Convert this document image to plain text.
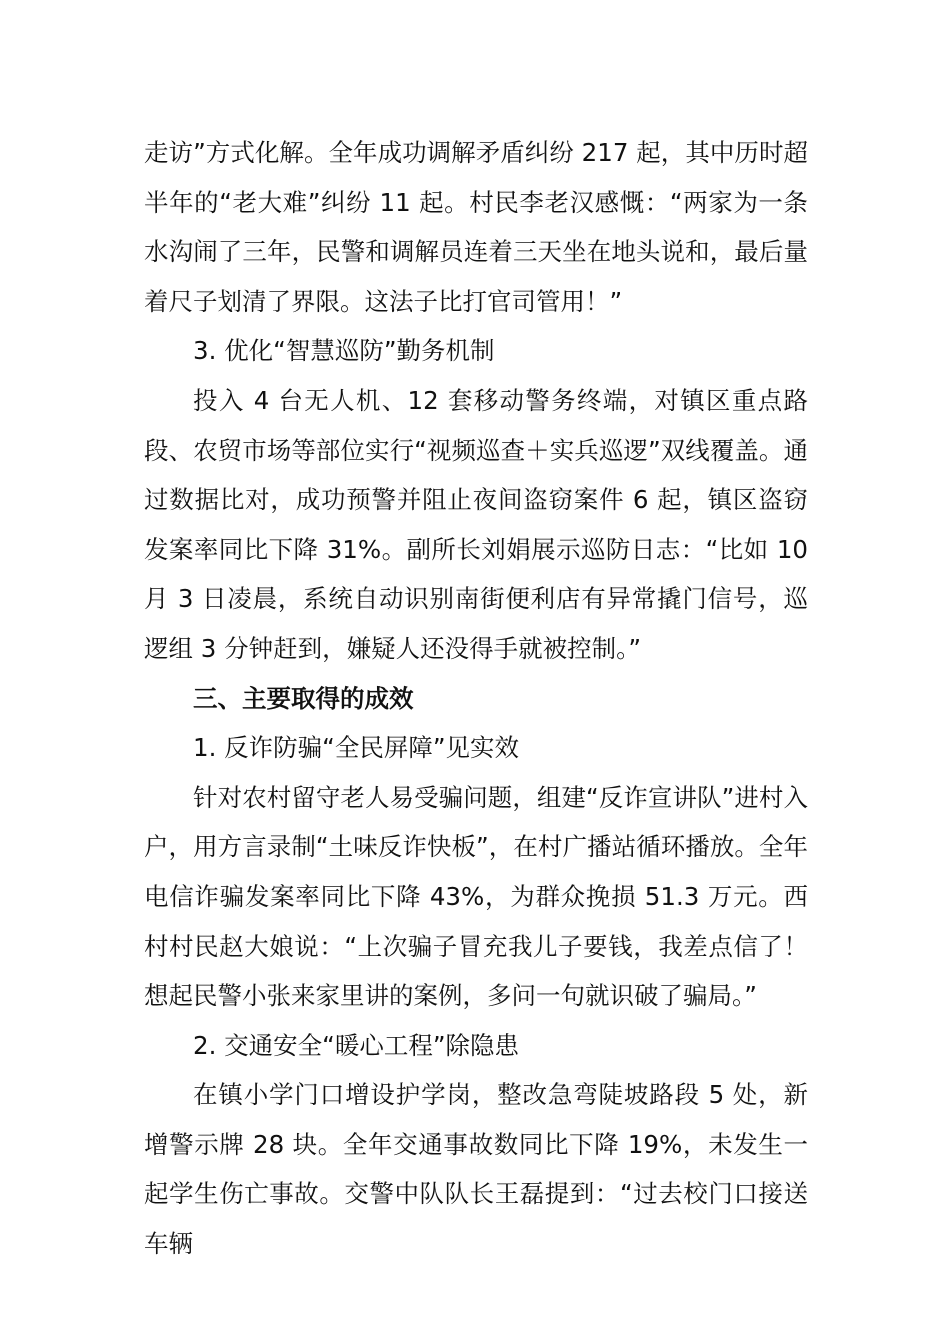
走访”方式化解。全年成功调解矛盾纠纷 217 起，其中历时超半年的“老大难”纠纷 11 起。村民李老汉感慨：“两家为一条水沟闹了三年，民警和调解员连着三天坐在地头说和，最后量着尺子划清了界限。这法子比打官司管用！”

3. 优化“智慧巡防”勤务机制

投入 4 台无人机、12 套移动警务终端，对镇区重点路段、农贸市场等部位实行“视频巡查＋实兵巡逻”双线覆盖。通过数据比对，成功预警并阻止夜间盗窃案件 6 起，镇区盗窃发案率同比下降 31%。副所长刘娟展示巡防日志：“比如 10 月 3 日凌晨，系统自动识别南街便利店有异常撬门信号，巡逻组 3 分钟赶到，嫌疑人还没得手就被控制。”

三、主要取得的成效

1. 反诈防骗“全民屏障”见实效

针对农村留守老人易受骗问题，组建“反诈宣讲队”进村入户，用方言录制“土味反诈快板”，在村广播站循环播放。全年电信诈骗发案率同比下降 43%，为群众挽损 51.3 万元。西村村民赵大娘说：“上次骗子冒充我儿子要钱，我差点信了！想起民警小张来家里讲的案例，多问一句就识破了骗局。”

2. 交通安全“暖心工程”除隐患

在镇小学门口增设护学岗，整改急弯陡坡路段 5 处，新增警示牌 28 块。全年交通事故数同比下降 19%，未发生一起学生伤亡事故。交警中队队长王磊提到：“过去校门口接送车辆
